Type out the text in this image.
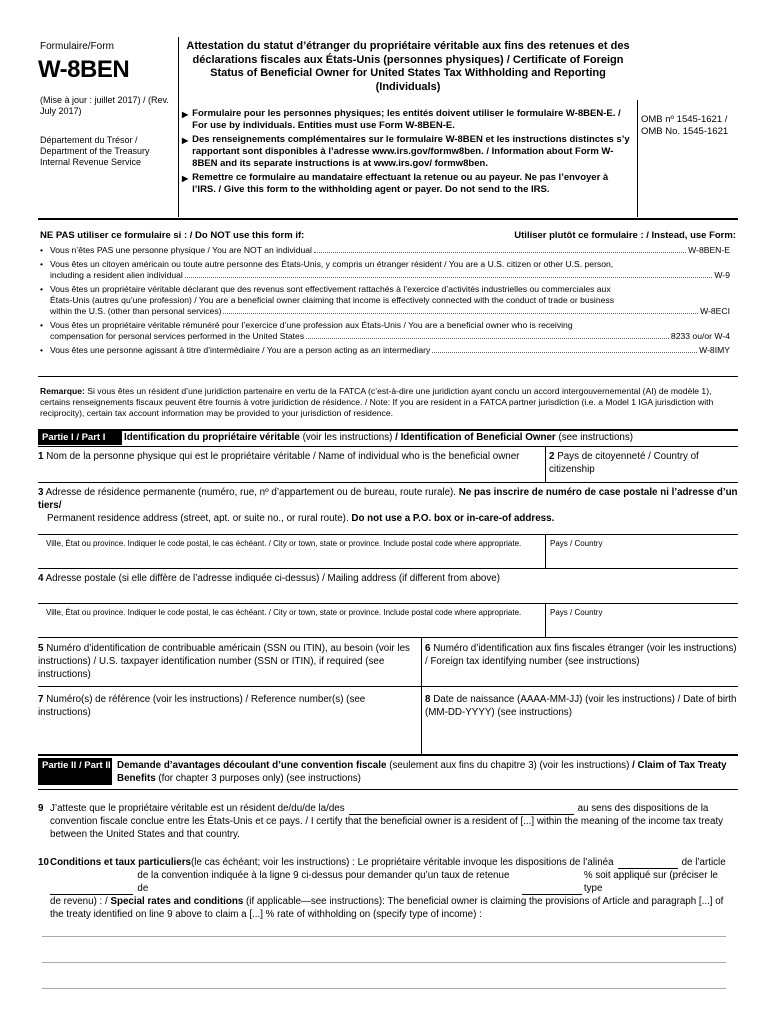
Formulaire/Form
W-8BEN
(Mise à jour : juillet 2017) / (Rev. July 2017)
Département du Trésor / Department of the Treasury Internal Revenue Service
Attestation du statut d’étranger du propriétaire véritable aux fins des retenues et des déclarations fiscales aux États-Unis (personnes physiques) / Certificate of Foreign Status of Beneficial Owner for United States Tax Withholding and Reporting (Individuals)
▶ Formulaire pour les personnes physiques; les entités doivent utiliser le formulaire W-8BEN-E. / For use by individuals. Entities must use Form W-8BEN-E.
▶ Des renseignements complémentaires sur le formulaire W-8BEN et les instructions distinctes s’y rapportant sont disponibles à l’adresse www.irs.gov/formw8ben. / Information about Form W-8BEN and its separate instructions is at www.irs.gov/ formw8ben.
▶ Remettre ce formulaire au mandataire effectuant la retenue ou au payeur. Ne pas l’envoyer à l’IRS. / Give this form to the withholding agent or payer. Do not send to the IRS.
OMB nº 1545-1621 / OMB No. 1545-1621
NE PAS utiliser ce formulaire si : / Do NOT use this form if:	Utiliser plutôt ce formulaire : / Instead, use Form:
• Vous n’êtes PAS une personne physique / You are NOT an individual	W-8BEN-E
• Vous êtes un citoyen américain ou toute autre personne des États-Unis, y compris un étranger résident / You are a U.S. citizen or other U.S. person,
including a resident alien individual	W-9
• Vous êtes un propriétaire véritable déclarant que des revenus sont effectivement rattachés à l’exercice d’activités industrielles ou commerciales aux
États-Unis (autres qu’une profession) / You are a beneficial owner claiming that income is effectively connected with the conduct of trade or business
within the U.S. (other than personal services)	W-8ECI
• Vous êtes un propriétaire véritable rémunéré pour l’exercice d’une profession aux États-Unis / You are a beneficial owner who is receiving
compensation for personal services performed in the United States	8233 ou/or W-4
• Vous êtes une personne agissant à titre d’intermédiaire / You are a person acting as an intermediary	W-8IMY
Remarque: Si vous êtes un résident d’une juridiction partenaire en vertu de la FATCA (c’est-à-dire une juridiction ayant conclu un accord intergouvernemental (AI) de modèle 1), certains renseignements fiscaux peuvent être fournis à votre juridiction de résidence. / Note: If you are resident in a FATCA partner jurisdiction (i.e. a Model 1 IGA jurisdiction with reciprocity), certain tax account information may be provided to your jurisdiction of residence.
Partie I / Part I	Identification du propriétaire véritable (voir les instructions) / Identification of Beneficial Owner (see instructions)
1 Nom de la personne physique qui est le propriétaire véritable / Name of individual who is the beneficial owner	2 Pays de citoyenneté / Country of citizenship
3 Adresse de résidence permanente (numéro, rue, nº d’appartement ou de bureau, route rurale). Ne pas inscrire de numéro de case postale ni l’adresse d’un tiers/
Permanent residence address (street, apt. or suite no., or rural route). Do not use a P.O. box or in-care-of address.
Ville, État ou province. Indiquer le code postal, le cas échéant. / City or town, state or province. Include postal code where appropriate.	Pays / Country
4 Adresse postale (si elle diffère de l’adresse indiquée ci-dessus) / Mailing address (if different from above)
Ville, État ou province. Indiquer le code postal, le cas échéant. / City or town, state or province. Include postal code where appropriate.	Pays / Country
5 Numéro d’identification de contribuable américain (SSN ou ITIN), au besoin (voir les instructions) / U.S. taxpayer identification number (SSN or ITIN), if required (see instructions)
6 Numéro d’identification aux fins fiscales étranger (voir les instructions) / Foreign tax identifying number (see instructions)
7 Numéro(s) de référence (voir les instructions) / Reference number(s) (see instructions)
8 Date de naissance (AAAA-MM-JJ) (voir les instructions) / Date of birth (MM-DD-YYYY) (see instructions)
Partie II / Part II Demande d’avantages découlant d’une convention fiscale (seulement aux fins du chapitre 3) (voir les instructions) / Claim of Tax Treaty Benefits (for chapter 3 purposes only) (see instructions)
9 J’atteste que le propriétaire véritable est un résident de/du/de la/des	au sens des dispositions de la
convention fiscale conclue entre les États-Unis et ce pays. / I certify that the beneficial owner is a resident of [...] within the meaning of the income tax treaty between the United States and that country.
10 Conditions et taux particuliers (le cas échéant; voir les instructions) : Le propriétaire véritable invoque les dispositions de l’alinéa	de l’article
de la convention indiquée à la ligne 9 ci-dessus pour demander qu’un taux de retenue de
% soit appliqué sur (préciser le type
de revenu) : / Special rates and conditions (if applicable—see instructions): The beneficial owner is claiming the provisions of Article and paragraph [...] of the treaty identified on line 9 above to claim a [...] % rate of withholding on (specify type of income) :
